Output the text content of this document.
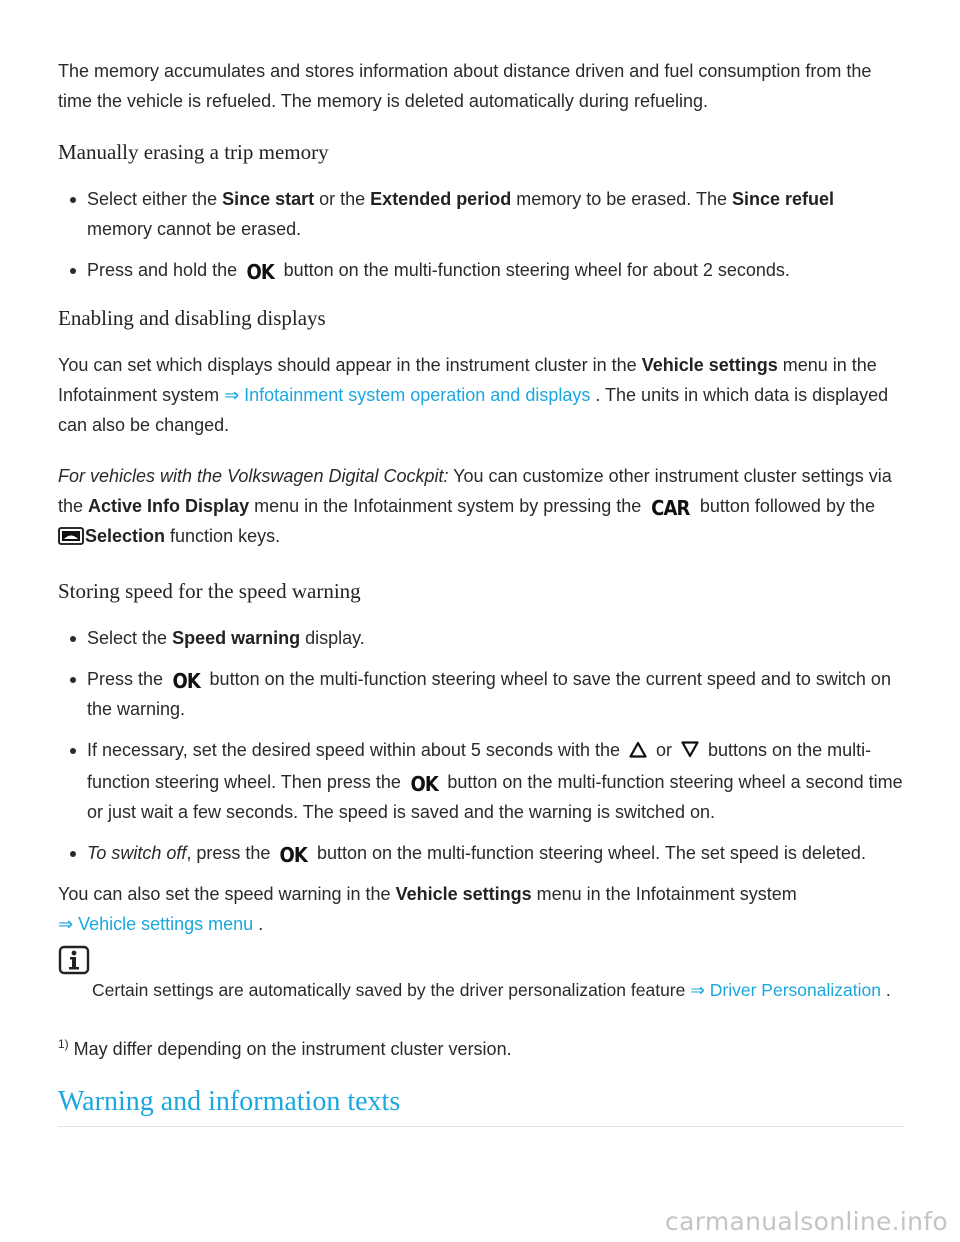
The memory accumulates and stores information about distance driven and fuel consumption from the time the vehicle is refueled. The memory is deleted automatically during refueling.

Manually erasing a trip memory
Select either the Since start or the Extended period memory to be erased. The Since refuel memory cannot be erased.
Press and hold the OK button on the multi-function steering wheel for about 2 seconds.
Enabling and disabling displays

You can set which displays should appear in the instrument cluster in the Vehicle settings menu in the Infotainment system ⇒ Infotainment system operation and displays . The units in which data is displayed can also be changed.

For vehicles with the Volkswagen Digital Cockpit: You can customize other instrument cluster settings via the Active Info Display menu in the Infotainment system by pressing the CAR button followed by the Selection function keys.

Storing speed for the speed warning
Select the Speed warning display.
Press the OK button on the multi-function steering wheel to save the current speed and to switch on the warning.
If necessary, set the desired speed within about 5 seconds with the  or  buttons on the multi-function steering wheel. Then press the OK button on the multi-function steering wheel a second time or just wait a few seconds. The speed is saved and the warning is switched on.
To switch off, press the OK button on the multi-function steering wheel. The set speed is deleted.

You can also set the speed warning in the Vehicle settings menu in the Infotainment system
⇒ Vehicle settings menu .

Certain settings are automatically saved by the driver personalization feature ⇒ Driver Personalization .

$^{1)}$ May differ depending on the instrument cluster version.

Warning and information texts
carmanualsonline.info
